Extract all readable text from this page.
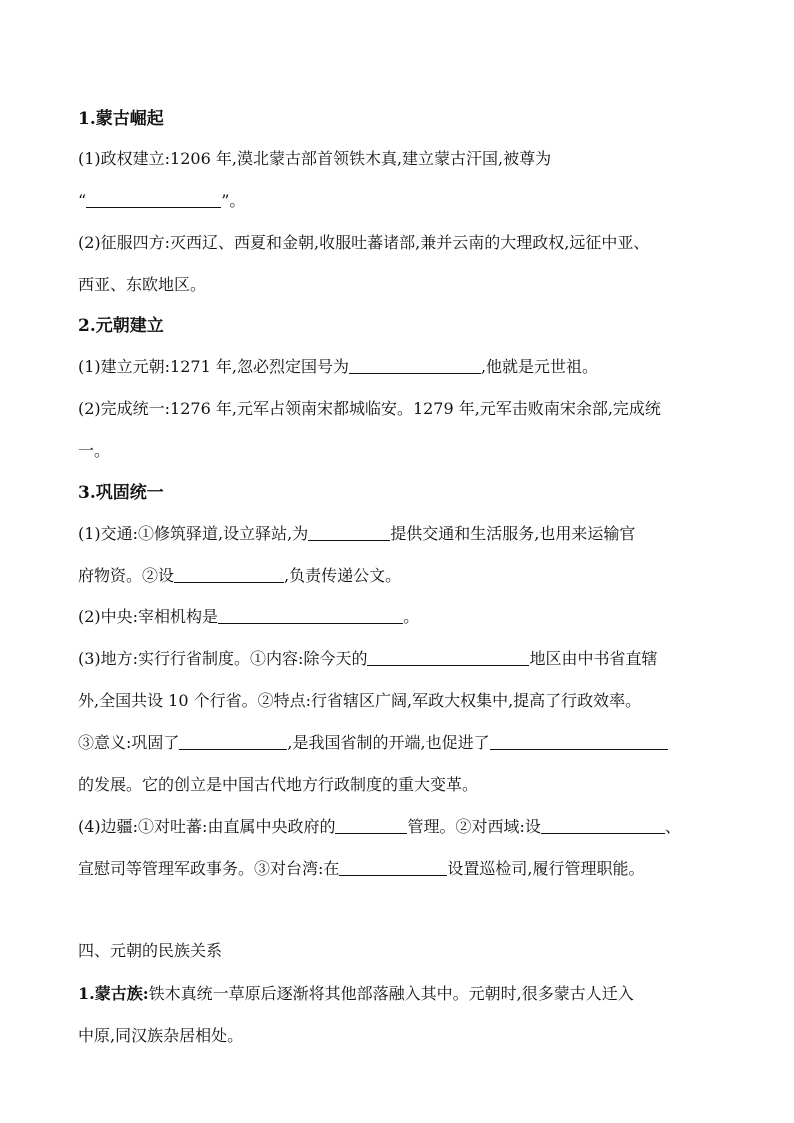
1.蒙古崛起
(1)政权建立:1206 年,漠北蒙古部首领铁木真,建立蒙古汗国,被尊为
“	”。
(2)征服四方:灭西辽、西夏和金朝,收服吐蕃诸部,兼并云南的大理政权,远征中亚、
西亚、东欧地区。
2.元朝建立
(1)建立元朝:1271 年,忽必烈定国号为	,他就是元世祖。
(2)完成统一:1276 年,元军占领南宋都城临安。1279 年,元军击败南宋余部,完成统
一。
3.巩固统一
(1)交通:①修筑驿道,设立驿站,为	提供交通和生活服务,也用来运输官
府物资。②设	,负责传递公文。
(2)中央:宰相机构是	。
(3)地方:实行行省制度。①内容:除今天的	地区由中书省直辖
外,全国共设 10 个行省。②特点:行省辖区广阔,军政大权集中,提高了行政效率。
③意义:巩固了	,是我国省制的开端,也促进了
的发展。它的创立是中国古代地方行政制度的重大变革。
(4)边疆:①对吐蕃:由直属中央政府的	管理。②对西域:设	、
宣慰司等管理军政事务。③对台湾:在	设置巡检司,履行管理职能。
四、元朝的民族关系
1.蒙古族:铁木真统一草原后逐渐将其他部落融入其中。元朝时,很多蒙古人迁入
中原,同汉族杂居相处。
